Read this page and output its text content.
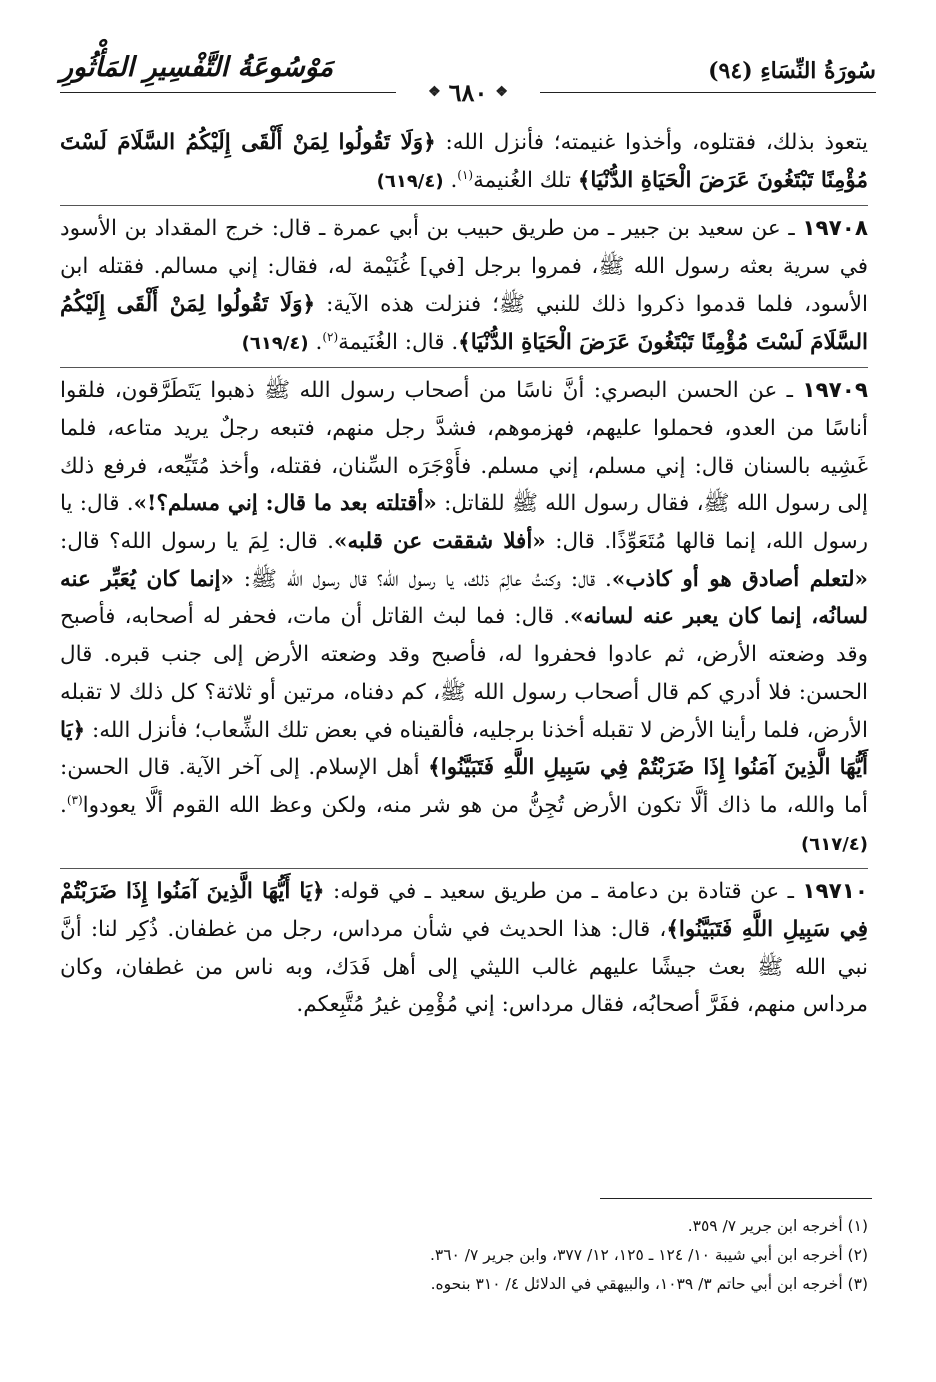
سُورَةُ النِّسَاءِ (٩٤)
مَوْسُوعَةُ التَّفْسِيرِ المَأْثُورِ
❖ ٦٨٠ ❖

يتعوذ بذلك، فقتلوه، وأخذوا غنيمته؛ فأنزل الله: ﴿وَلَا تَقُولُوا لِمَنْ أَلْقَى إِلَيْكُمُ السَّلَامَ لَسْتَ مُؤْمِنًا تَبْتَغُونَ عَرَضَ الْحَيَاةِ الدُّنْيَا﴾ تلك الغُنيمة$^{(١)}$. (٦١٩/٤)

١٩٧٠٨ ـ عن سعيد بن جبير ـ من طريق حبيب بن أبي عمرة ـ قال: خرج المقداد بن الأسود في سرية بعثه رسول الله ﷺ، فمروا برجل [في] غُنَيْمة له، فقال: إني مسالم. فقتله ابن الأسود، فلما قدموا ذكروا ذلك للنبي ﷺ؛ فنزلت هذه الآية: ﴿وَلَا تَقُولُوا لِمَنْ أَلْقَى إِلَيْكُمُ السَّلَامَ لَسْتَ مُؤْمِنًا تَبْتَغُونَ عَرَضَ الْحَيَاةِ الدُّنْيَا﴾. قال: الغُنَيمة$^{(٢)}$. (٦١٩/٤)

١٩٧٠٩ ـ عن الحسن البصري: أنَّ ناسًا من أصحاب رسول الله ﷺ ذهبوا يَتَطَرَّقون، فلقوا أناسًا من العدو، فحملوا عليهم، فهزموهم، فشدَّ رجل منهم، فتبعه رجلٌ يريد متاعه، فلما غَشِيه بالسنان قال: إني مسلم، إني مسلم. فأَوْجَرَه السِّنان، فقتله، وأخذ مُتَيِّعه، فرفع ذلك إلى رسول الله ﷺ، فقال رسول الله ﷺ للقاتل: «أقتلته بعد ما قال: إني مسلم؟!». قال: يا رسول الله، إنما قالها مُتَعَوِّذًا. قال: «أفلا شققت عن قلبه». قال: لِمَ يا رسول الله؟ قال: «لتعلم أصادق هو أو كاذب». قال: وكنتُ عالِمَ ذلك، يا رسول الله؟ قال رسول الله ﷺ: «إنما كان يُعَبِّر عنه لسانُه، إنما كان يعبر عنه لسانه». قال: فما لبث القاتل أن مات، فحفر له أصحابه، فأصبح وقد وضعته الأرض، ثم عادوا فحفروا له، فأصبح وقد وضعته الأرض إلى جنب قبره. قال الحسن: فلا أدري كم قال أصحاب رسول الله ﷺ، كم دفناه، مرتين أو ثلاثة؟ كل ذلك لا تقبله الأرض، فلما رأينا الأرض لا تقبله أخذنا برجليه، فألقيناه في بعض تلك الشِّعاب؛ فأنزل الله: ﴿يَا أَيُّهَا الَّذِينَ آمَنُوا إِذَا ضَرَبْتُمْ فِي سَبِيلِ اللَّهِ فَتَبَيَّنُوا﴾ أهل الإسلام. إلى آخر الآية. قال الحسن: أما والله، ما ذاك ألَّا تكون الأرض تُجِنُّ من هو شر منه، ولكن وعظ الله القوم ألَّا يعودوا$^{(٣)}$. (٦١٧/٤)

١٩٧١٠ ـ عن قتادة بن دعامة ـ من طريق سعيد ـ في قوله: ﴿يَا أَيُّهَا الَّذِينَ آمَنُوا إِذَا ضَرَبْتُمْ فِي سَبِيلِ اللَّهِ فَتَبَيَّنُوا﴾، قال: هذا الحديث في شأن مرداس، رجل من غطفان. ذُكِر لنا: أنَّ نبي الله ﷺ بعث جيشًا عليهم غالب الليثي إلى أهل فَدَك، وبه ناس من غطفان، وكان مرداس منهم، ففَرَّ أصحابُه، فقال مرداس: إني مُؤْمِن غيرُ مُتَّبِعكم.

(١) أخرجه ابن جرير ٧/ ٣٥٩.

(٢) أخرجه ابن أبي شيبة ١٠/ ١٢٤ ـ ١٢٥، ١٢/ ٣٧٧، وابن جرير ٧/ ٣٦٠.

(٣) أخرجه ابن أبي حاتم ٣/ ١٠٣٩، والبيهقي في الدلائل ٤/ ٣١٠ بنحوه.
